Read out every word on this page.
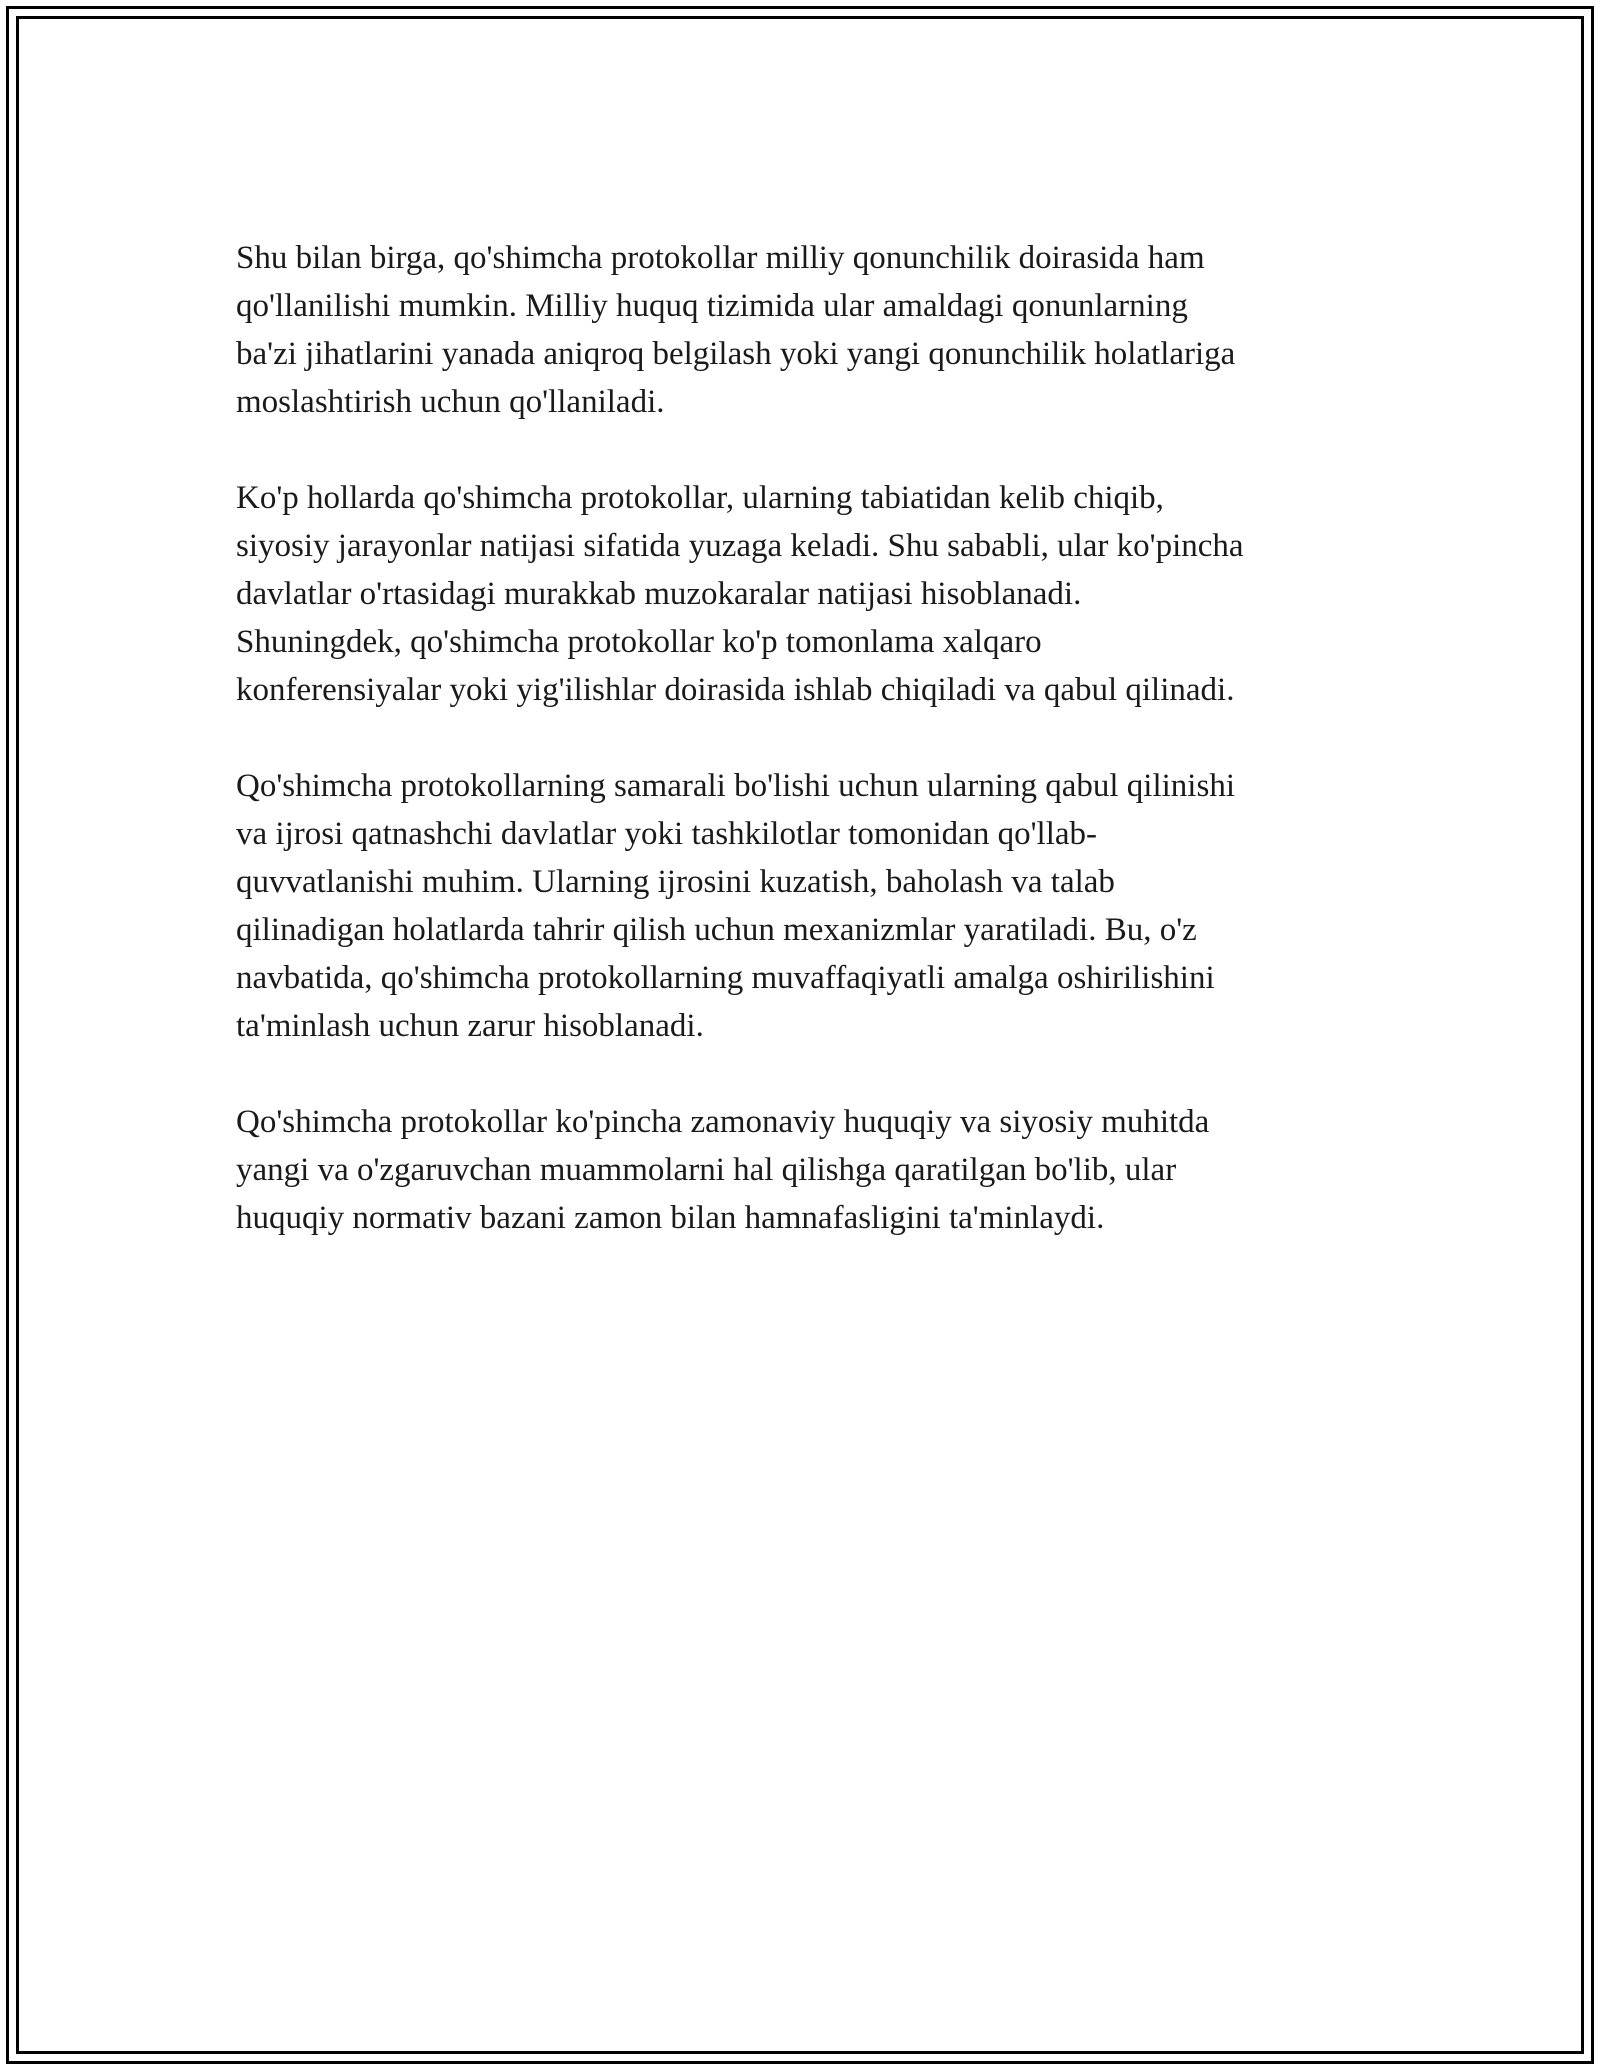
Shu bilan birga, qo'shimcha protokollar milliy qonunchilik doirasida ham
qo'llanilishi mumkin. Milliy huquq tizimida ular amaldagi qonunlarning
ba'zi jihatlarini yanada aniqroq belgilash yoki yangi qonunchilik holatlariga
moslashtirish uchun qo'llaniladi.

Ko'p hollarda qo'shimcha protokollar, ularning tabiatidan kelib chiqib,
siyosiy jarayonlar natijasi sifatida yuzaga keladi. Shu sababli, ular ko'pincha
davlatlar o'rtasidagi murakkab muzokaralar natijasi hisoblanadi.
Shuningdek, qo'shimcha protokollar ko'p tomonlama xalqaro
konferensiyalar yoki yig'ilishlar doirasida ishlab chiqiladi va qabul qilinadi.

Qo'shimcha protokollarning samarali bo'lishi uchun ularning qabul qilinishi
va ijrosi qatnashchi davlatlar yoki tashkilotlar tomonidan qo'llab-
quvvatlanishi muhim. Ularning ijrosini kuzatish, baholash va talab
qilinadigan holatlarda tahrir qilish uchun mexanizmlar yaratiladi. Bu, o'z
navbatida, qo'shimcha protokollarning muvaffaqiyatli amalga oshirilishini
ta'minlash uchun zarur hisoblanadi.

Qo'shimcha protokollar ko'pincha zamonaviy huquqiy va siyosiy muhitda
yangi va o'zgaruvchan muammolarni hal qilishga qaratilgan bo'lib, ular
huquqiy normativ bazani zamon bilan hamnafasligini ta'minlaydi.
